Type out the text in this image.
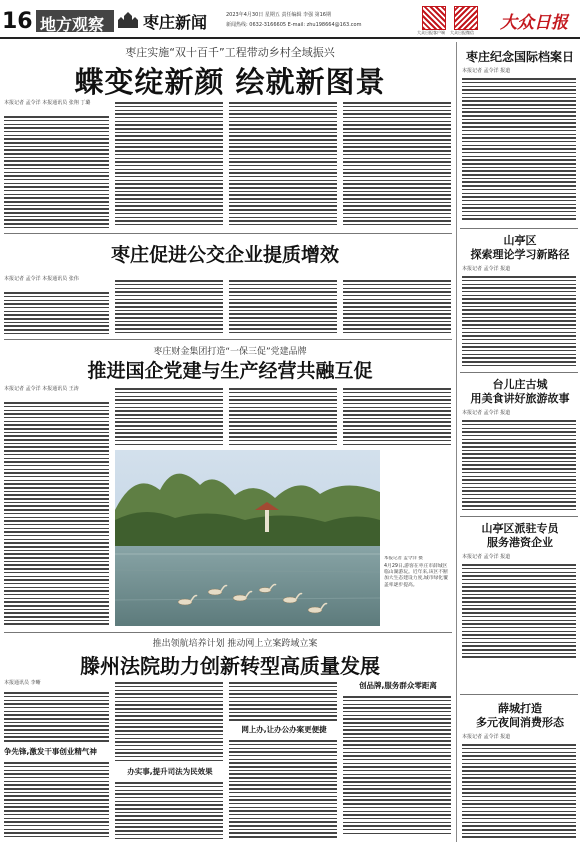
16 地方观察	枣庄新闻	2023年4月30日 星期五 责任编辑 李强 第16期
新闻热线: 0632-3166605 E-mail: zhu198664@163.com
大众日报客户端	大众日报微信	大众日报
枣庄实施“双十百千”工程带动乡村全域振兴
蝶变绽新颜 绘就新图景
本报记者 孟令洋 本报通讯员 张翔 丁璐
枣庄促进公交企业提质增效
本报记者 孟令洋 本报通讯员 张伟
枣庄财金集团打造“一保三促”党建品牌
推进国企党建与生产经营共融互促
本报记者 孟令洋 本报通讯员 王涛
本报记者 孟令洋 摄
4月29日,游客在枣庄市薛城区临山湖游玩。近年来,该区不断加大生态建设力度,城市绿化覆盖率逐步提高。
推出领航培养计划 推动网上立案跨域立案
滕州法院助力创新转型高质量发展
本报通讯员 李晰
争先锋,激发干事创业精气神
办实事,提升司法为民效果
网上办,让办公办案更便捷
创品牌,服务群众零距离
枣庄纪念国际档案日
本报记者 孟令洋 报道
山亭区
探索理论学习新路径
本报记者 孟令洋 报道
台儿庄古城
用美食讲好旅游故事
本报记者 孟令洋 报道
山亭区派驻专员
服务港资企业
本报记者 孟令洋 报道
薛城打造
多元夜间消费形态
本报记者 孟令洋 报道
